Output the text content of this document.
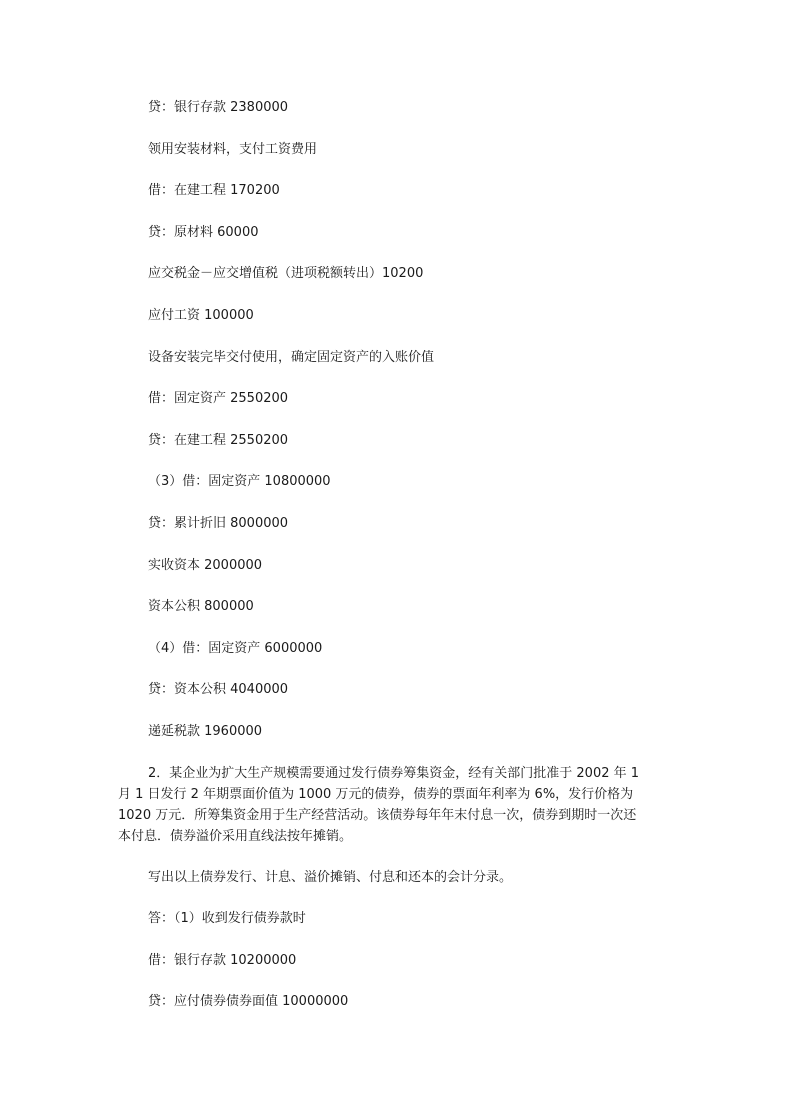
贷：银行存款 2380000
领用安装材料，支付工资费用
借：在建工程 170200
贷：原材料 60000
应交税金－应交增值税（进项税额转出）10200
应付工资 100000
设备安装完毕交付使用，确定固定资产的入账价值
借：固定资产 2550200
贷：在建工程 2550200
（3）借：固定资产 10800000
贷：累计折旧 8000000
实收资本 2000000
资本公积 800000
（4）借：固定资产 6000000
贷：资本公积 4040000
递延税款 1960000
2．某企业为扩大生产规模需要通过发行债券筹集资金，经有关部门批准于 2002 年 1
月 1 日发行 2 年期票面价值为 1000 万元的债券，债券的票面年利率为 6%，发行价格为
1020 万元．所筹集资金用于生产经营活动。该债券每年年末付息一次，债券到期时一次还
本付息．债券溢价采用直线法按年摊销。
写出以上债券发行、计息、溢价摊销、付息和还本的会计分录。
答：（1）收到发行债券款时
借：银行存款 10200000
贷：应付债券债券面值 10000000
